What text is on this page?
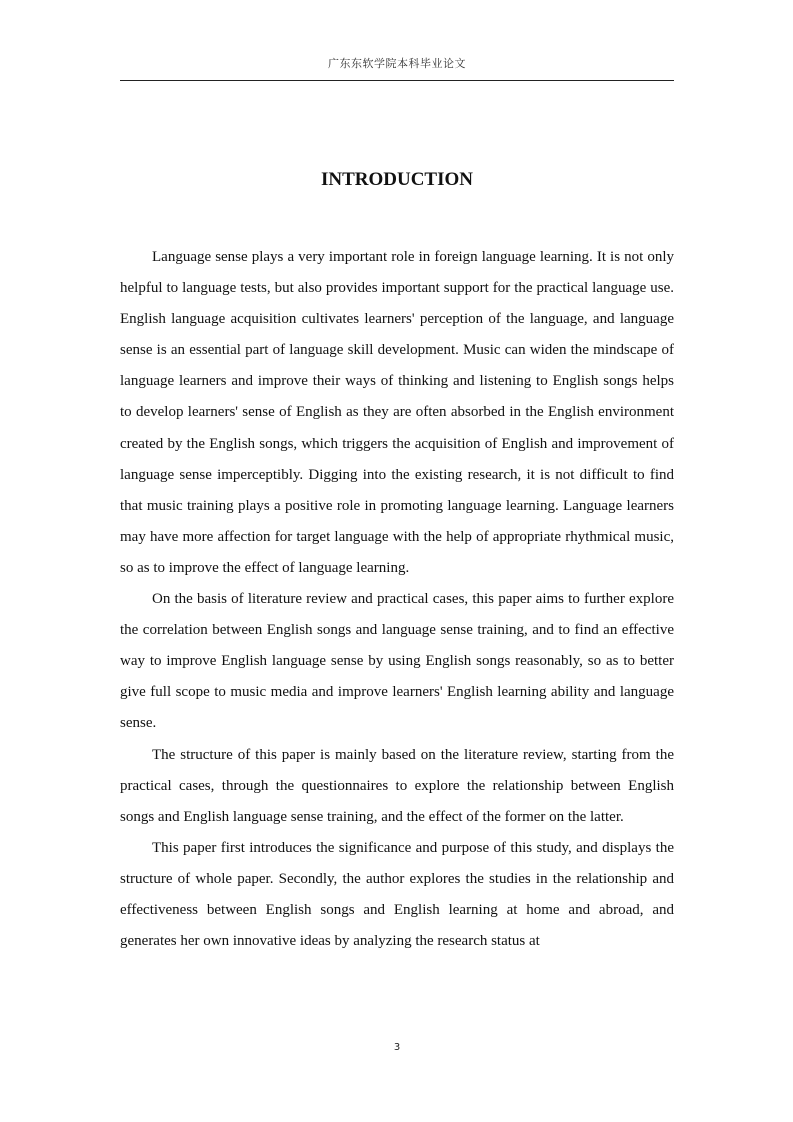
广东东软学院本科毕业论文
INTRODUCTION

Language sense plays a very important role in foreign language learning. It is not only helpful to language tests, but also provides important support for the practical language use. English language acquisition cultivates learners' perception of the language, and language sense is an essential part of language skill development. Music can widen the mindscape of language learners and improve their ways of thinking and listening to English songs helps to develop learners' sense of English as they are often absorbed in the English environment created by the English songs, which triggers the acquisition of English and improvement of language sense imperceptibly. Digging into the existing research, it is not difficult to find that music training plays a positive role in promoting language learning. Language learners may have more affection for target language with the help of appropriate rhythmical music, so as to improve the effect of language learning.

On the basis of literature review and practical cases, this paper aims to further explore the correlation between English songs and language sense training, and to find an effective way to improve English language sense by using English songs reasonably, so as to better give full scope to music media and improve learners' English learning ability and language sense.

The structure of this paper is mainly based on the literature review, starting from the practical cases, through the questionnaires to explore the relationship between English songs and English language sense training, and the effect of the former on the latter.

This paper first introduces the significance and purpose of this study, and displays the structure of whole paper. Secondly, the author explores the studies in the relationship and effectiveness between English songs and English learning at home and abroad, and generates her own innovative ideas by analyzing the research status at

3
